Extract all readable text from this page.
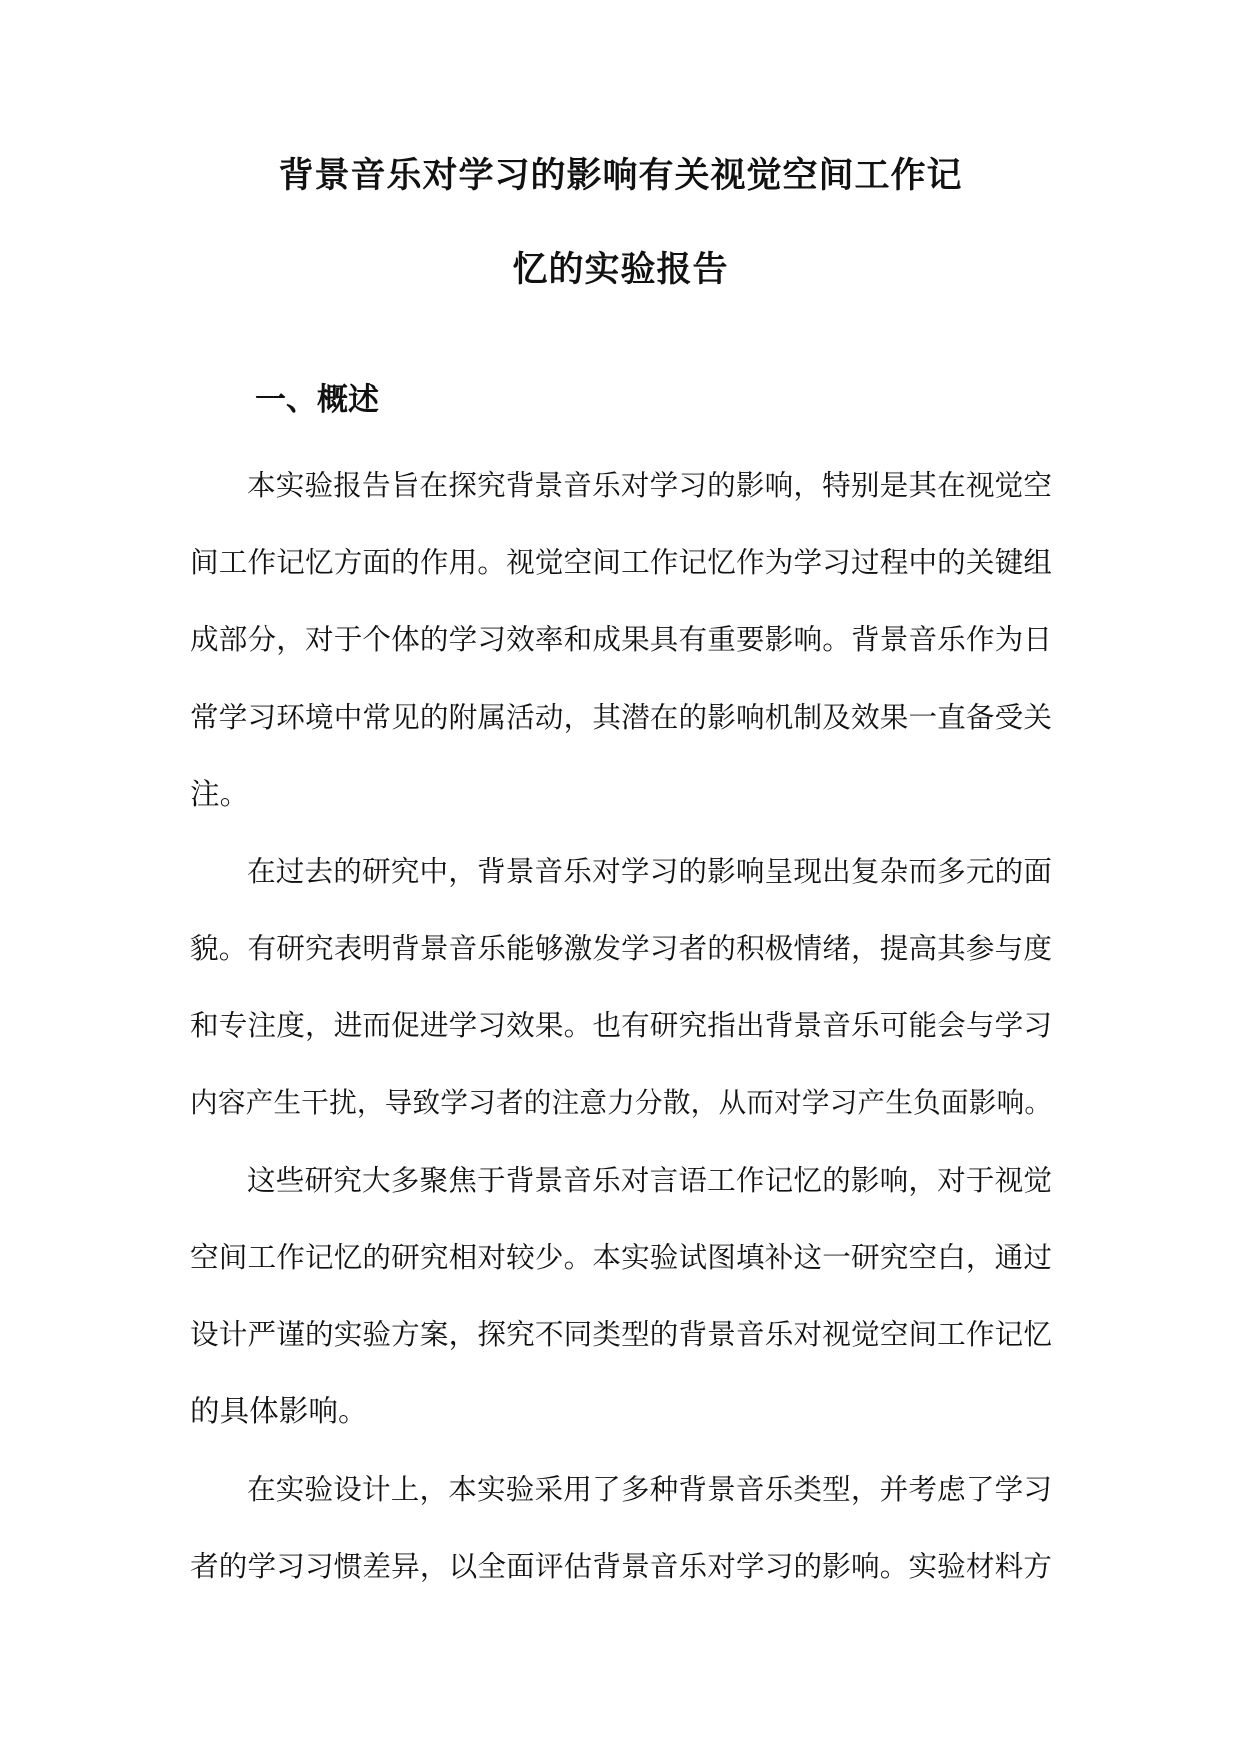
背景音乐对学习的影响有关视觉空间工作记
忆的实验报告
一、概述
本实验报告旨在探究背景音乐对学习的影响，特别是其在视觉空
间工作记忆方面的作用。视觉空间工作记忆作为学习过程中的关键组
成部分，对于个体的学习效率和成果具有重要影响。背景音乐作为日
常学习环境中常见的附属活动，其潜在的影响机制及效果一直备受关
注。
在过去的研究中，背景音乐对学习的影响呈现出复杂而多元的面
貌。有研究表明背景音乐能够激发学习者的积极情绪，提高其参与度
和专注度，进而促进学习效果。也有研究指出背景音乐可能会与学习
内容产生干扰，导致学习者的注意力分散，从而对学习产生负面影响。
这些研究大多聚焦于背景音乐对言语工作记忆的影响，对于视觉
空间工作记忆的研究相对较少。本实验试图填补这一研究空白，通过
设计严谨的实验方案，探究不同类型的背景音乐对视觉空间工作记忆
的具体影响。
在实验设计上，本实验采用了多种背景音乐类型，并考虑了学习
者的学习习惯差异，以全面评估背景音乐对学习的影响。实验材料方
